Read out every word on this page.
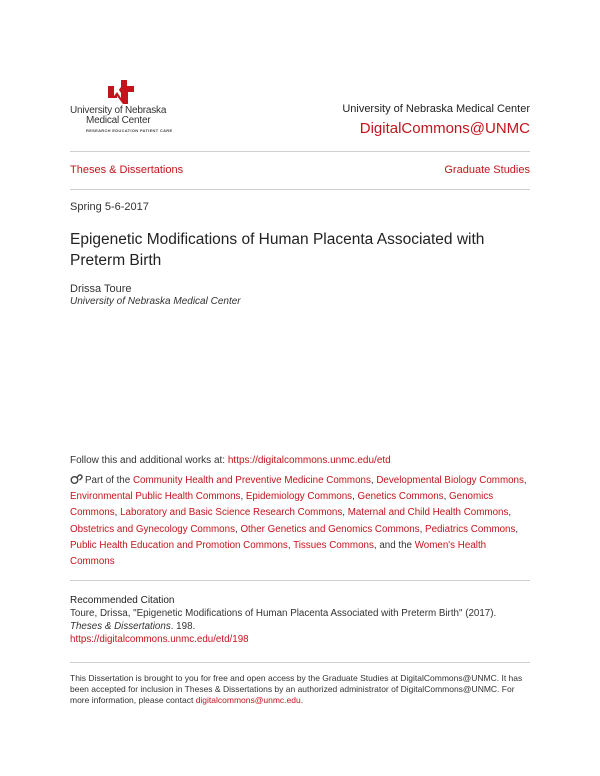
University of Nebraska
Medical Center
RESEARCH EDUCATION PATIENT CARE
University of Nebraska Medical Center
DigitalCommons@UNMC
Theses & Dissertations	Graduate Studies
Spring 5-6-2017
Epigenetic Modifications of Human Placenta Associated with Preterm Birth
Drissa Toure
University of Nebraska Medical Center
Follow this and additional works at: https://digitalcommons.unmc.edu/etd
Part of the Community Health and Preventive Medicine Commons, Developmental Biology Commons, Environmental Public Health Commons, Epidemiology Commons, Genetics Commons, Genomics Commons, Laboratory and Basic Science Research Commons, Maternal and Child Health Commons, Obstetrics and Gynecology Commons, Other Genetics and Genomics Commons, Pediatrics Commons, Public Health Education and Promotion Commons, Tissues Commons, and the Women's Health Commons
Recommended Citation
Toure, Drissa, "Epigenetic Modifications of Human Placenta Associated with Preterm Birth" (2017).
Theses & Dissertations. 198.
https://digitalcommons.unmc.edu/etd/198
This Dissertation is brought to you for free and open access by the Graduate Studies at DigitalCommons@UNMC. It has been accepted for inclusion in Theses & Dissertations by an authorized administrator of DigitalCommons@UNMC. For more information, please contact digitalcommons@unmc.edu.
